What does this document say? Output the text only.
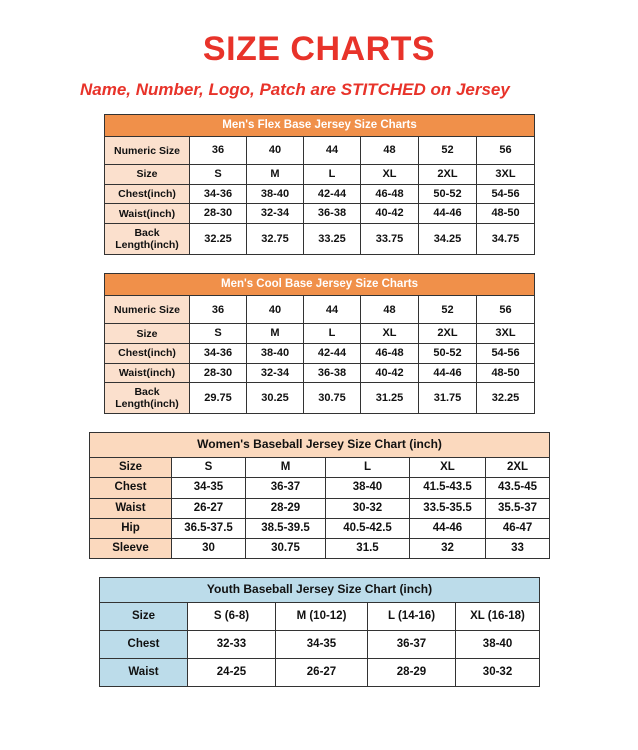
SIZE CHARTS
Name, Number, Logo, Patch are STITCHED on Jersey
Men's Flex Base Jersey Size Charts						
Numeric Size	36	40	44	48	52	56
Size	S	M	L	XL	2XL	3XL
Chest(inch)	34-36	38-40	42-44	46-48	50-52	54-56
Waist(inch)	28-30	32-34	36-38	40-42	44-46	48-50
Back Length(inch)	32.25	32.75	33.25	33.75	34.25	34.75
Men's Cool Base Jersey Size Charts						
Numeric Size	36	40	44	48	52	56
Size	S	M	L	XL	2XL	3XL
Chest(inch)	34-36	38-40	42-44	46-48	50-52	54-56
Waist(inch)	28-30	32-34	36-38	40-42	44-46	48-50
Back Length(inch)	29.75	30.25	30.75	31.25	31.75	32.25
Women's Baseball Jersey Size Chart (inch)					
Size	S	M	L	XL	2XL
Chest	34-35	36-37	38-40	41.5-43.5	43.5-45
Waist	26-27	28-29	30-32	33.5-35.5	35.5-37
Hip	36.5-37.5	38.5-39.5	40.5-42.5	44-46	46-47
Sleeve	30	30.75	31.5	32	33
Youth Baseball Jersey Size Chart (inch)				
Size	S (6-8)	M (10-12)	L (14-16)	XL (16-18)
Chest	32-33	34-35	36-37	38-40
Waist	24-25	26-27	28-29	30-32
